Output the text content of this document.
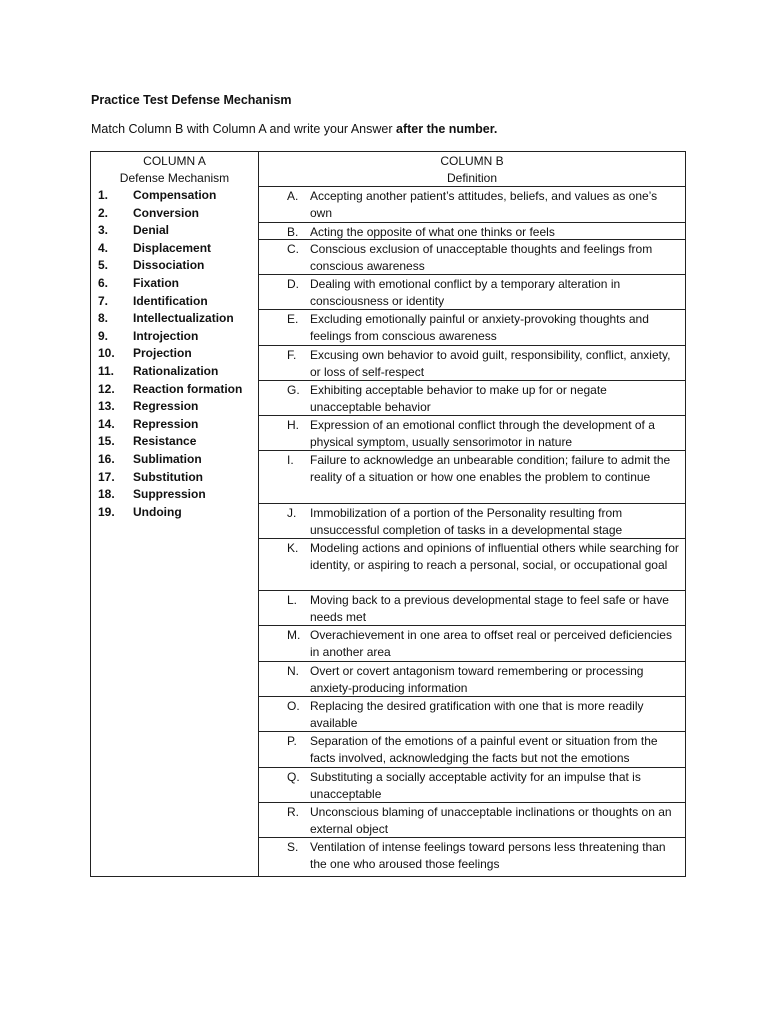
Practice Test Defense Mechanism
Match Column B with Column A and write your Answer after the number.
COLUMN A
Defense Mechanism
1. Compensation
2. Conversion
3. Denial
4. Displacement
5. Dissociation
6. Fixation
7. Identification
8. Intellectualization
9. Introjection
10. Projection
11. Rationalization
12. Reaction formation
13. Regression
14. Repression
15. Resistance
16. Sublimation
17. Substitution
18. Suppression
19. Undoing
COLUMN B
Definition
A. Accepting another patient’s attitudes, beliefs, and values as one’s own
B. Acting the opposite of what one thinks or feels
C. Conscious exclusion of unacceptable thoughts and feelings from conscious awareness
D. Dealing with emotional conflict by a temporary alteration in consciousness or identity
E. Excluding emotionally painful or anxiety-provoking thoughts and feelings from conscious awareness
F. Excusing own behavior to avoid guilt, responsibility, conflict, anxiety, or loss of self-respect
G. Exhibiting acceptable behavior to make up for or negate unacceptable behavior
H. Expression of an emotional conflict through the development of a physical symptom, usually sensorimotor in nature
I. Failure to acknowledge an unbearable condition; failure to admit the reality of a situation or how one enables the problem to continue
J. Immobilization of a portion of the Personality resulting from unsuccessful completion of tasks in a developmental stage
K. Modeling actions and opinions of influential others while searching for identity, or aspiring to reach a personal, social, or occupational goal
L. Moving back to a previous developmental stage to feel safe or have needs met
M. Overachievement in one area to offset real or perceived deficiencies in another area
N. Overt or covert antagonism toward remembering or processing anxiety-producing information
O. Replacing the desired gratification with one that is more readily available
P. Separation of the emotions of a painful event or situation from the facts involved, acknowledging the facts but not the emotions
Q. Substituting a socially acceptable activity for an impulse that is unacceptable
R. Unconscious blaming of unacceptable inclinations or thoughts on an external object
S. Ventilation of intense feelings toward persons less threatening than the one who aroused those feelings
